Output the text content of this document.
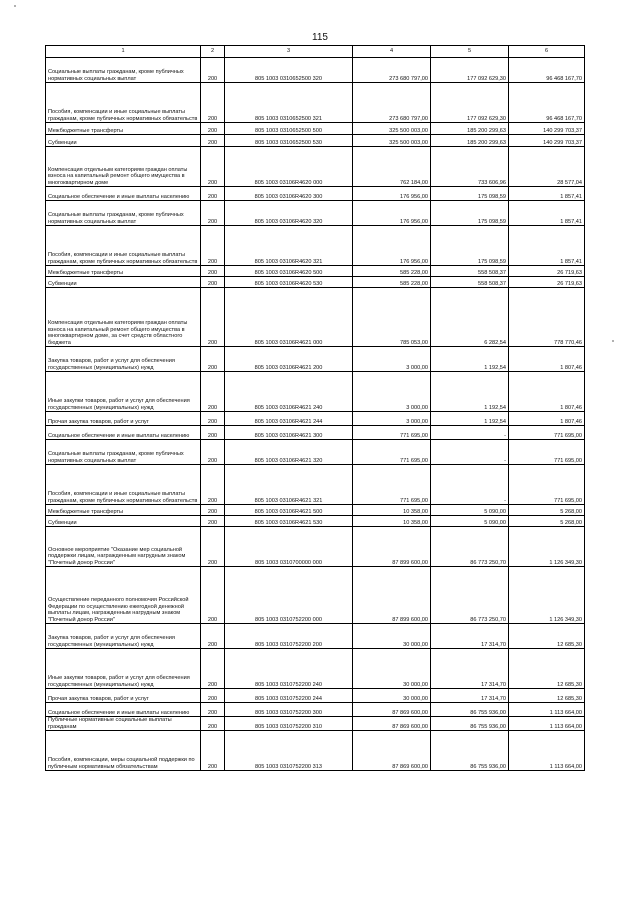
115
1	2	3	4	5	6
Социальные выплаты гражданам, кроме публичных нормативных социальных выплат	200	805 1003 0310652500 320	273 680 797,00	177 092 629,30	96 468 167,70
Пособия, компенсации и иные социальные выплаты гражданам, кроме публичных нормативных обязательств	200	805 1003 0310652500 321	273 680 797,00	177 092 629,30	96 468 167,70
Межбюджетные трансферты	200	805 1003 0310652500 500	325 500 003,00	185 200 299,63	140 299 703,37
Субвенции	200	805 1003 0310652500 530	325 500 003,00	185 200 299,63	140 299 703,37
Компенсация отдельным категориям граждан оплаты взноса на капитальный ремонт общего имущества в многоквартирном доме	200	805 1003 03106R4620 000	762 184,00	733 606,96	28 577,04
Социальное обеспечение и иные выплаты населению	200	805 1003 03106R4620 300	176 956,00	175 098,59	1 857,41
Социальные выплаты гражданам, кроме публичных нормативных социальных выплат	200	805 1003 03106R4620 320	176 956,00	175 098,59	1 857,41
Пособия, компенсации и иные социальные выплаты гражданам, кроме публичных нормативных обязательств	200	805 1003 03106R4620 321	176 956,00	175 098,59	1 857,41
Межбюджетные трансферты	200	805 1003 03106R4620 500	585 228,00	558 508,37	26 719,63
Субвенции	200	805 1003 03106R4620 530	585 228,00	558 508,37	26 719,63
Компенсация отдельным категориям граждан оплаты взноса на капитальный ремонт общего имущества в многоквартирном доме, за счет средств областного бюджета	200	805 1003 03106R4621 000	785 053,00	6 282,54	778 770,46
Закупка товаров, работ и услуг для обеспечения государственных (муниципальных) нужд	200	805 1003 03106R4621 200	3 000,00	1 192,54	1 807,46
Иные закупки товаров, работ и услуг для обеспечения государственных (муниципальных) нужд	200	805 1003 03106R4621 240	3 000,00	1 192,54	1 807,46
Прочая закупка товаров, работ и услуг	200	805 1003 03106R4621 244	3 000,00	1 192,54	1 807,46
Социальное обеспечение и иные выплаты населению	200	805 1003 03106R4621 300	771 695,00	-	771 695,00
Социальные выплаты гражданам, кроме публичных нормативных социальных выплат	200	805 1003 03106R4621 320	771 695,00	-	771 695,00
Пособия, компенсации и иные социальные выплаты гражданам, кроме публичных нормативных обязательств	200	805 1003 03106R4621 321	771 695,00	-	771 695,00
Межбюджетные трансферты	200	805 1003 03106R4621 500	10 358,00	5 090,00	5 268,00
Субвенции	200	805 1003 03106R4621 530	10 358,00	5 090,00	5 268,00
Основное мероприятие "Оказание мер социальной поддержки лицам, награжденным нагрудным знаком "Почетный донор России"	200	805 1003 0310700000 000	87 899 600,00	86 773 250,70	1 126 349,30
Осуществление переданного полномочия Российской Федерации по осуществлению ежегодной денежной выплаты лицам, награжденным нагрудным знаком "Почетный донор России"	200	805 1003 0310752200 000	87 899 600,00	86 773 250,70	1 126 349,30
Закупка товаров, работ и услуг для обеспечения государственных (муниципальных) нужд	200	805 1003 0310752200 200	30 000,00	17 314,70	12 685,30
Иные закупки товаров, работ и услуг для обеспечения государственных (муниципальных) нужд	200	805 1003 0310752200 240	30 000,00	17 314,70	12 685,30
Прочая закупка товаров, работ и услуг	200	805 1003 0310752200 244	30 000,00	17 314,70	12 685,30
Социальное обеспечение и иные выплаты населению	200	805 1003 0310752200 300	87 869 600,00	86 755 936,00	1 113 664,00
Публичные нормативные социальные выплаты гражданам	200	805 1003 0310752200 310	87 869 600,00	86 755 936,00	1 113 664,00
Пособия, компенсации, меры социальной поддержки по публичным нормативным обязательствам	200	805 1003 0310752200 313	87 869 600,00	86 755 936,00	1 113 664,00
